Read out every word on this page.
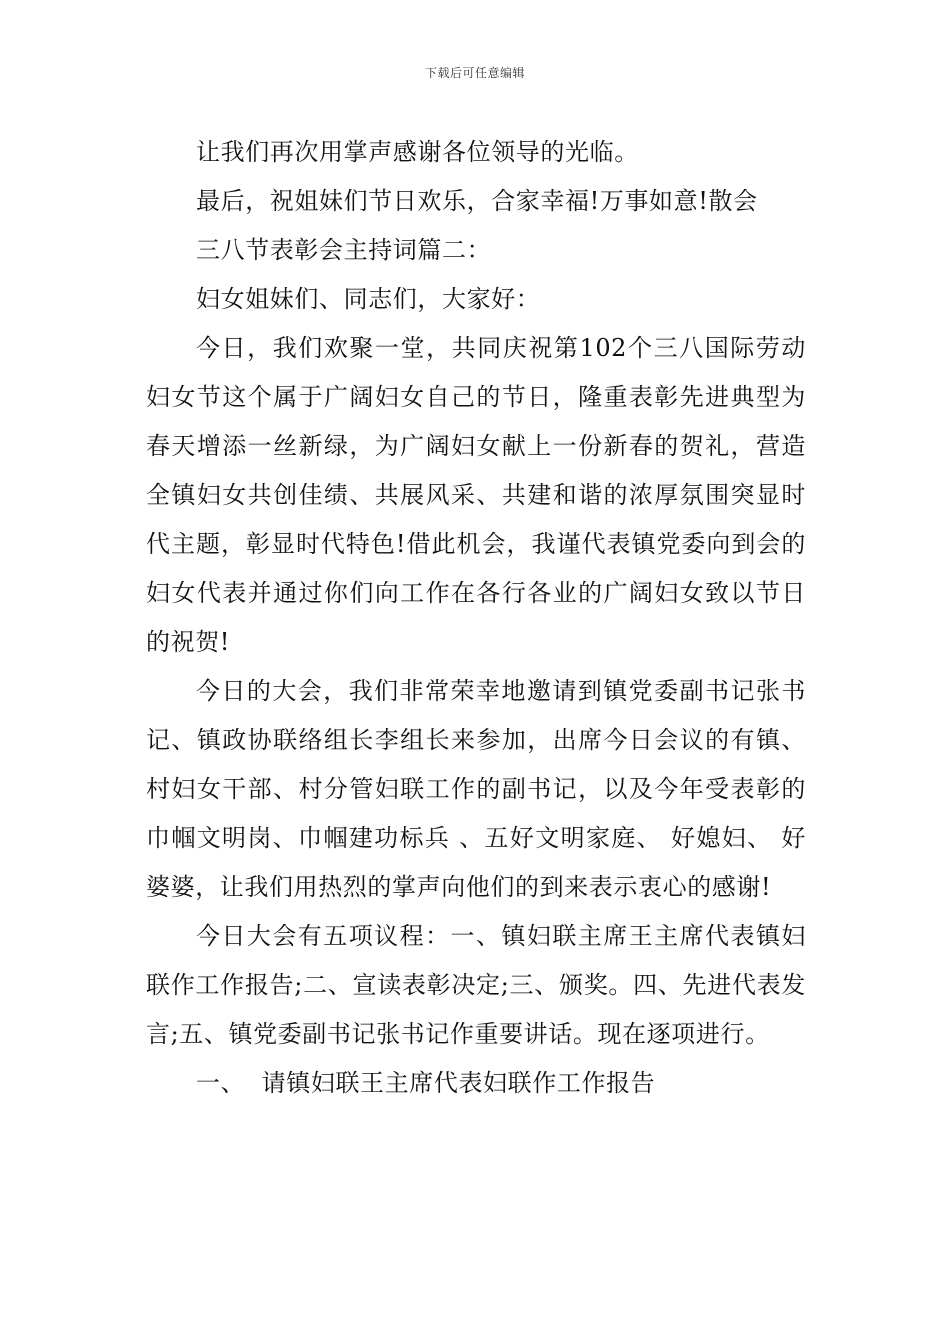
下载后可任意编辑

让我们再次用掌声感谢各位领导的光临。

最后，祝姐妹们节日欢乐，合家幸福!万事如意!散会

三八节表彰会主持词篇二：

妇女姐妹们、同志们，大家好：

今日，我们欢聚一堂，共同庆祝第102个三八国际劳动妇女节这个属于广阔妇女自己的节日，隆重表彰先进典型为春天增添一丝新绿，为广阔妇女献上一份新春的贺礼，营造全镇妇女共创佳绩、共展风采、共建和谐的浓厚氛围突显时代主题，彰显时代特色!借此机会，我谨代表镇党委向到会的妇女代表并通过你们向工作在各行各业的广阔妇女致以节日的祝贺!

今日的大会，我们非常荣幸地邀请到镇党委副书记张书记、镇政协联络组长李组长来参加，出席今日会议的有镇、村妇女干部、村分管妇联工作的副书记，以及今年受表彰的巾帼文明岗、巾帼建功标兵 、五好文明家庭、 好媳妇、 好婆婆，让我们用热烈的掌声向他们的到来表示衷心的感谢!

今日大会有五项议程：一、镇妇联主席王主席代表镇妇联作工作报告;二、宣读表彰决定;三、颁奖。四、先进代表发言;五、镇党委副书记张书记作重要讲话。现在逐项进行。

一、  请镇妇联王主席代表妇联作工作报告
